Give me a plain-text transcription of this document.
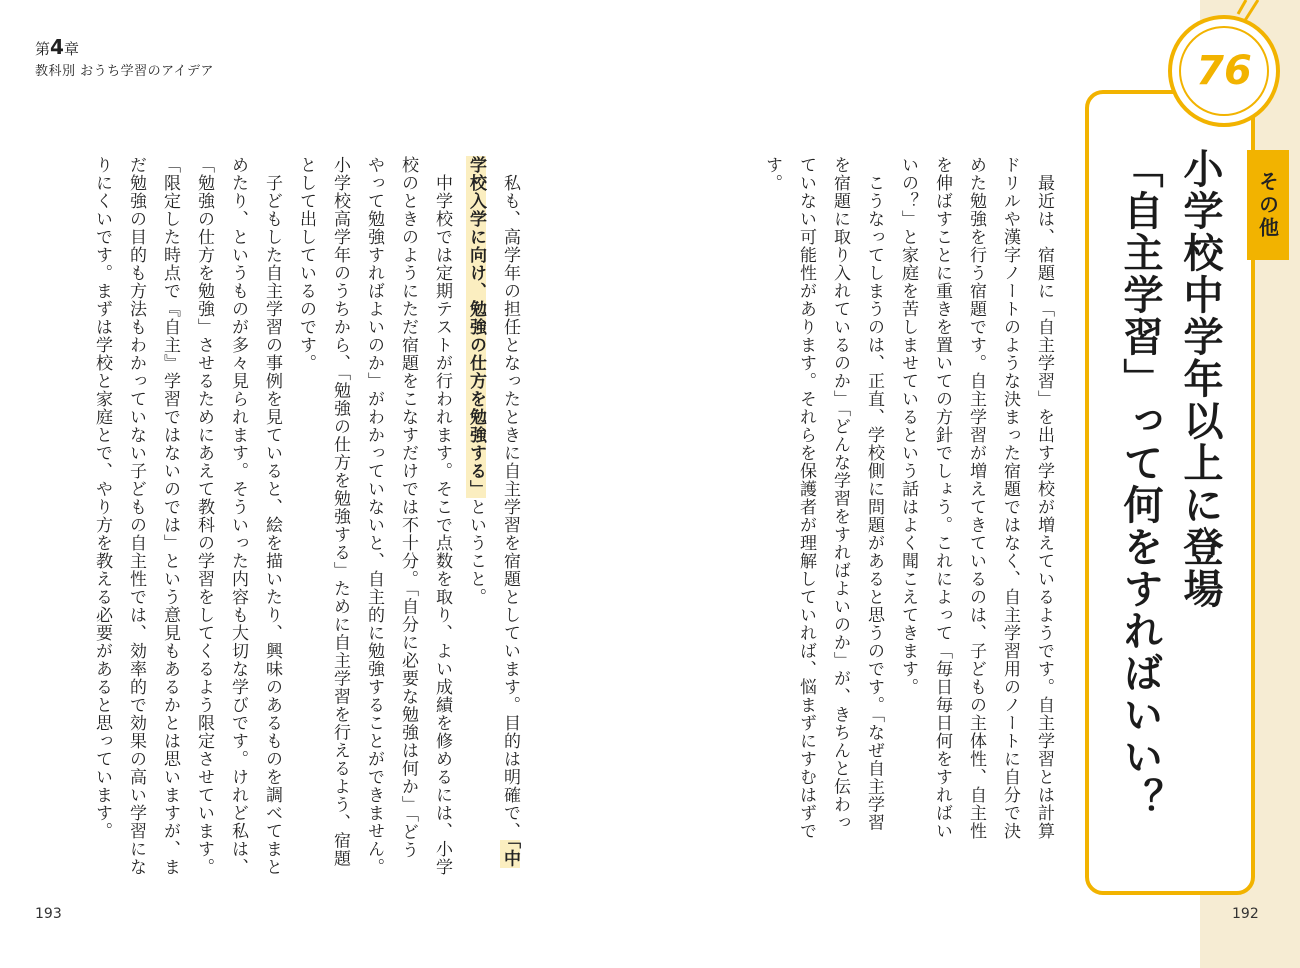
第4章
教科別 おうち学習のアイデア

　私も、高学年の担任となったときに自主学習を宿題としています。目的は明確で、「中学校入学に向け、勉強の仕方を勉強する」ということ。

　中学校では定期テストが行われます。そこで点数を取り、よい成績を修めるには、小学校のときのようにただ宿題をこなすだけでは不十分。「自分に必要な勉強は何か」「どうやって勉強すればよいのか」がわかっていないと、自主的に勉強することができません。小学校高学年のうちから、「勉強の仕方を勉強する」ために自主学習を行えるよう、宿題として出しているのです。

　子どもした自主学習の事例を見ていると、絵を描いたり、興味のあるものを調べてまとめたり、というものが多々見られます。そういった内容も大切な学びです。けれど私は、「勉強の仕方を勉強」させるためにあえて教科の学習をしてくるよう限定させています。

「限定した時点で『自主』学習ではないのでは」という意見もあるかとは思いますが、まだ勉強の目的も方法もわかっていない子どもの自主性では、効率的で効果の高い学習になりにくいです。まずは学校と家庭とで、やり方を教える必要があると思っています。

193
76
その他
小学校中学年以上に登場
「自主学習」って何をすればいい？

　最近は、宿題に「自主学習」を出す学校が増えているようです。自主学習とは計算ドリルや漢字ノートのような決まった宿題ではなく、自主学習用のノートに自分で決めた勉強を行う宿題です。自主学習が増えてきているのは、子どもの主体性、自主性を伸ばすことに重きを置いての方針でしょう。これによって「毎日毎日何をすればいいの？」と家庭を苦しませているという話はよく聞こえてきます。

　こうなってしまうのは、正直、学校側に問題があると思うのです。「なぜ自主学習を宿題に取り入れているのか」「どんな学習をすればよいのか」が、きちんと伝わっていない可能性があります。それらを保護者が理解していれば、悩まずにすむはずです。

192
